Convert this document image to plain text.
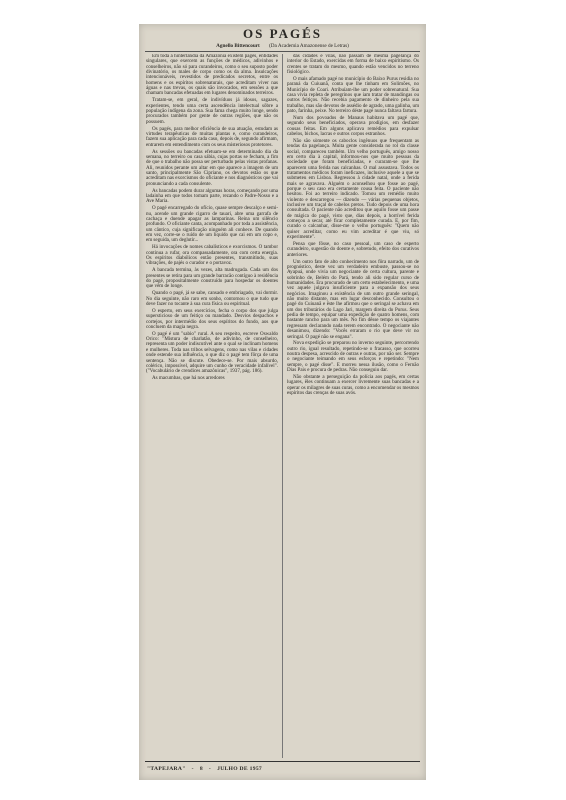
OS PAGÉS
Agnello Bittencourt (Da Academia Amazonense de Letras)

Em toda a hinterlândia da Amazônia existem pagés, entidades singulares, que exercem as funções de médicos, adivinhos e conselheiros, não só para curandeiros, como o seu suposto poder divinatório, os males de corpo como os da alma. Insulcações intencionáveis, revestidos de predicados secretos, entre os homens e os espíritos sobrenaturais, que acreditam viver nas águas e nas trevas, os quais são invocados, em sessões a que chamam bancadas efetuadas em lugares denominados terreiros.

Tratam-se, em geral, de indivíduos já idosos, sagazes, experientes, tendo uma certa ascendência intelectual sôbre a população indígena da zona. Sua fama chega muito longe, sendo procurados também por gente de outras regiões, que não os possuem.

Os pagés, para melhor eficiência de sua atuação, estudam as virtudes terapêuticas de muitas plantas e, como curandeiros, fazem sua aplicação para cada caso, depois de, segundo afirmam, entrarem em entendimento com os seus misteriosos protetores.

As sessões ou bancadas efetuam-se em determinado dia da semana, no terreiro ou casa sábia, cujas portas se fecham, a fim de que o trabalho não possa ser perturbado pelas vistas profanas. Ali, reunidos perante um altar em que aparece a imagem de um santo, principalmente São Cipriano, os devotos estão os que acreditam nas exorcismos do oficiante e nos diagnósticos que vai pronunciando a cada consulente.

As bancadas podem durar algumas horas, começando por uma ladainha em que todos tomam parte, rezando o Padre-Nosso e a Ave Maria.

O pagé encarregado do ofício, quase sempre descalço e semi-nu, acende um grande cigarro de tauari, abre uma garrafa de cachaça e duende apagar as lamparinas. Reina um silêncio profundo. O oficiante canta, acompanhado por toda a assistência, um cântico, cuja significação ninguém ali conhece. De quando em vez, corre-se o ruído de um líquido que cai em um copo e, em seguida, um deglutir...

Há invocações de nomes cabalísticos e exorcismos. O tambor continua a rufar, ora compassadamente, ora com certa energia. Os espíritos diabólicos então presentes, transmitindo, suas vibrações, de pajés o curador e o portavoz.

A bancada termina, às vezes, alta madrugada. Cada um dos presentes se retira para um grande barracão contíguo à residência do pagé, propositalmente construído para hospedar os doentes que vêm de longe.

Quando o pagé, já se sabe, cansado e embriagado, vai dormir. No dia seguinte, não raro em sonho, contornou o que tudo que deve fazer no tocante à sua cura física ou espiritual.

O esperto, em seus exercícios, fecha o corpo dos que julga supersticioso de um feitiço ou mandado. Desvios despachos e cortejos, por intermédio dos seus espíritos do fundo, aos que concluem da magia negra.

O pagé é um "sabio" rural. A seu respeito, escreve Oswaldo Orico: "Mistura de charlatão, de adivinho, de conselheiro, representa um poder indiscutível ante o qual se inclinam homens e mulheres. Toda nas tribos selvagens, como nas vilas e cidades onde estende sua influência, o que diz o pagé tem fôrça de uma sentença. Não se discute. Obedece-se. Por mais absurdo, colérico, impossível, adquire um cunho de veracidade infalível". ("Vocabulário de crendices amazônicas", 1937, pág. 186).

As macumbas, que há nos arredores

das cidades e vilas, não passam de mesma pagelança do interior do Estado, exercidas em forma de baixo espiritismo. Os crentes se tratam do mesmo, quando estão vencidos no terreno fisiológico.

O mais afamado pagé no município do Baixo Purus residia no paraná da Cuiuanã, conta que lhe tinham em Solimões, no Município de Coari. Atribuíam-lhe um poder sobrenatural. Sua casa vivia repleta de peregrinos que iam tratar de mandingas ou outros feitiços. Não recebia pagamento de dinheiro pela sua trabalho, mas são devotos de assédio de agrado, uma galinha, um pato, farinha, peixe. No terreiro déste pagé nunca faltava fartura.

Num dos povoados de Manaus habitava um pagé que, segundo seus beneficiados, operava prodígios, em desfazer cousas feitas. Em alguns aplicava remédios para expulsar cabelos, bichos, lacras e outros corpos estranhos.

Não são sòmente os caboclos ingênuos que frequentam as tendas da pagelança. Muita gente considerada no rol da classe social, compareceu também. Um velho português, amigo nosso em certo dia à capital, informou-nos que muito pessoas da sociedade que foram beneficiadas, e curaram-se que lhe aparecem uma ferida nas calcanhas. O mal assustava. Todos os tratamentos médicos foram ineficazes, inclusive aquele a que se submeteu em Lisboa. Regressou à cidade natal, onde a ferida mais se agravava. Alguém o aconselhou que fosse ao pagé, porque o seu caso era certamente cousa feita. O paciente não hesitou. Foi ao terreiro indicado. Tomou um remédio muito violento e descarregou — dizendo — várias pequenas objetos, inclusive um traçal de cabelos pretos. Tudo depois de uma hora consultada. O paciente não acreditou que aquilo fosse um passe de mágica do pagé, visto que, dias depois, a horrível ferida começou a secar, até ficar completamente curada. E, por fim, curado o calcanhar, disse-me o velho português: "Quem não quiser acreditar, como eu vim acreditar é que viu, só experimente".

Pensa que fôsse, no caso pessoal, um caso de esperto curandeiro, sugestão do doente e, sobretudo, efeito dos curativos anteriores.

Um outro fato de alto conhecimento nos fôra narrado, um de prognóstico, deste vez um verdadeiro embuste, passou-se no Ayapuá, onde vivia um negociante de certa cultura, parente e sobrinho de, Belém do Pará, tendo ali sido regular curso de humanidades. Era procurado de um certo estabelecimento, e uma vez aquele julgava insuficiente para a expansão dos seus negócios. Imaginou a existência de um outro grande seringal, não muito distante, mas em lugar desconhecido. Consultou o pagé do Cuiuanã e êste lhe afirmou que o seringal se achava em um dos tributários do Lago Jari, margem direita do Purus. Seus pedia de tempo, equipar uma expedição de quatro homens, com bastante rancho para um mês. No fim dêsse tempo os viajantes regressam declarando nada terem encontrado. O negociante não desanimou, dizendo: "Vocês erraram o rio que deve vir no seringal. O pagé não se engana".

Nova expedição se preparou no inverno seguinte, percorrendo outro rio, igual resultado, repetindo-se o fracasso, que ocorreu noutra despesa, acrescido de outras e outras, por não ser. Sempre o negociante teimando em seus esforços e repetindo: "Nem sempre, o pagé disse". E morreu nessa ilusão, como o Fernão Dias Pais e procura de pedras. Não conseguiu dar.

Não obstante a perseguição da polícia aos pagés, em certas lugares, êles continuam a exercer livremente suas bancadas e a operar os milagres de suas curas, como a encomendar os mesmos espíritos das crenças de suas avós.

"TAPEJARA" - 8 - JULHO DE 1957
